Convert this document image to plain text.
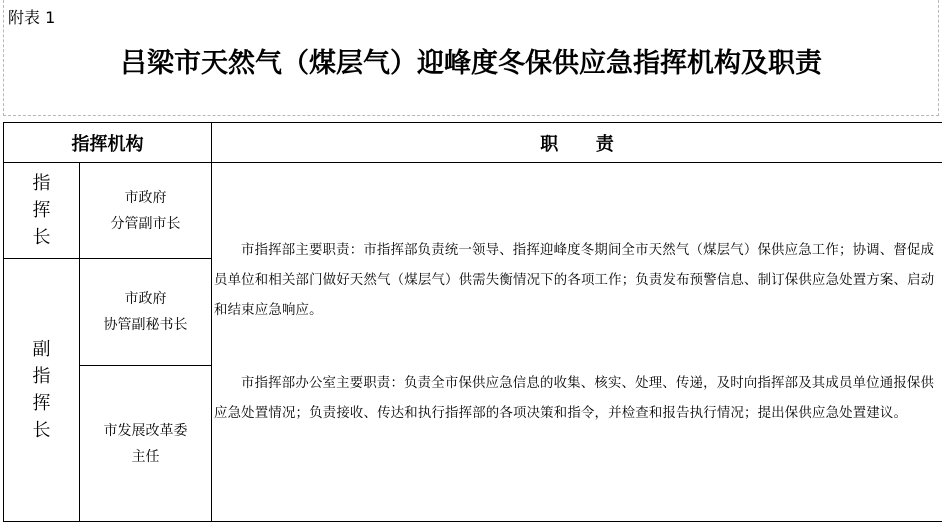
附表 1
吕梁市天然气（煤层气）迎峰度冬保供应急指挥机构及职责
指挥机构	职      责
指
挥
长
副
指
挥
长
市政府
分管副市长
市政府
协管副秘书长
市发展改革委
主任
市指挥部主要职责：市指挥部负责统一领导、指挥迎峰度冬期间全市天然气（煤层气）保供应急工作；协调、督促成员单位和相关部门做好天然气（煤层气）供需失衡情况下的各项工作；负责发布预警信息、制订保供应急处置方案、启动和结束应急响应。
市指挥部办公室主要职责：负责全市保供应急信息的收集、核实、处理、传递，及时向指挥部及其成员单位通报保供应急处置情况；负责接收、传达和执行指挥部的各项决策和指令，并检查和报告执行情况；提出保供应急处置建议。
